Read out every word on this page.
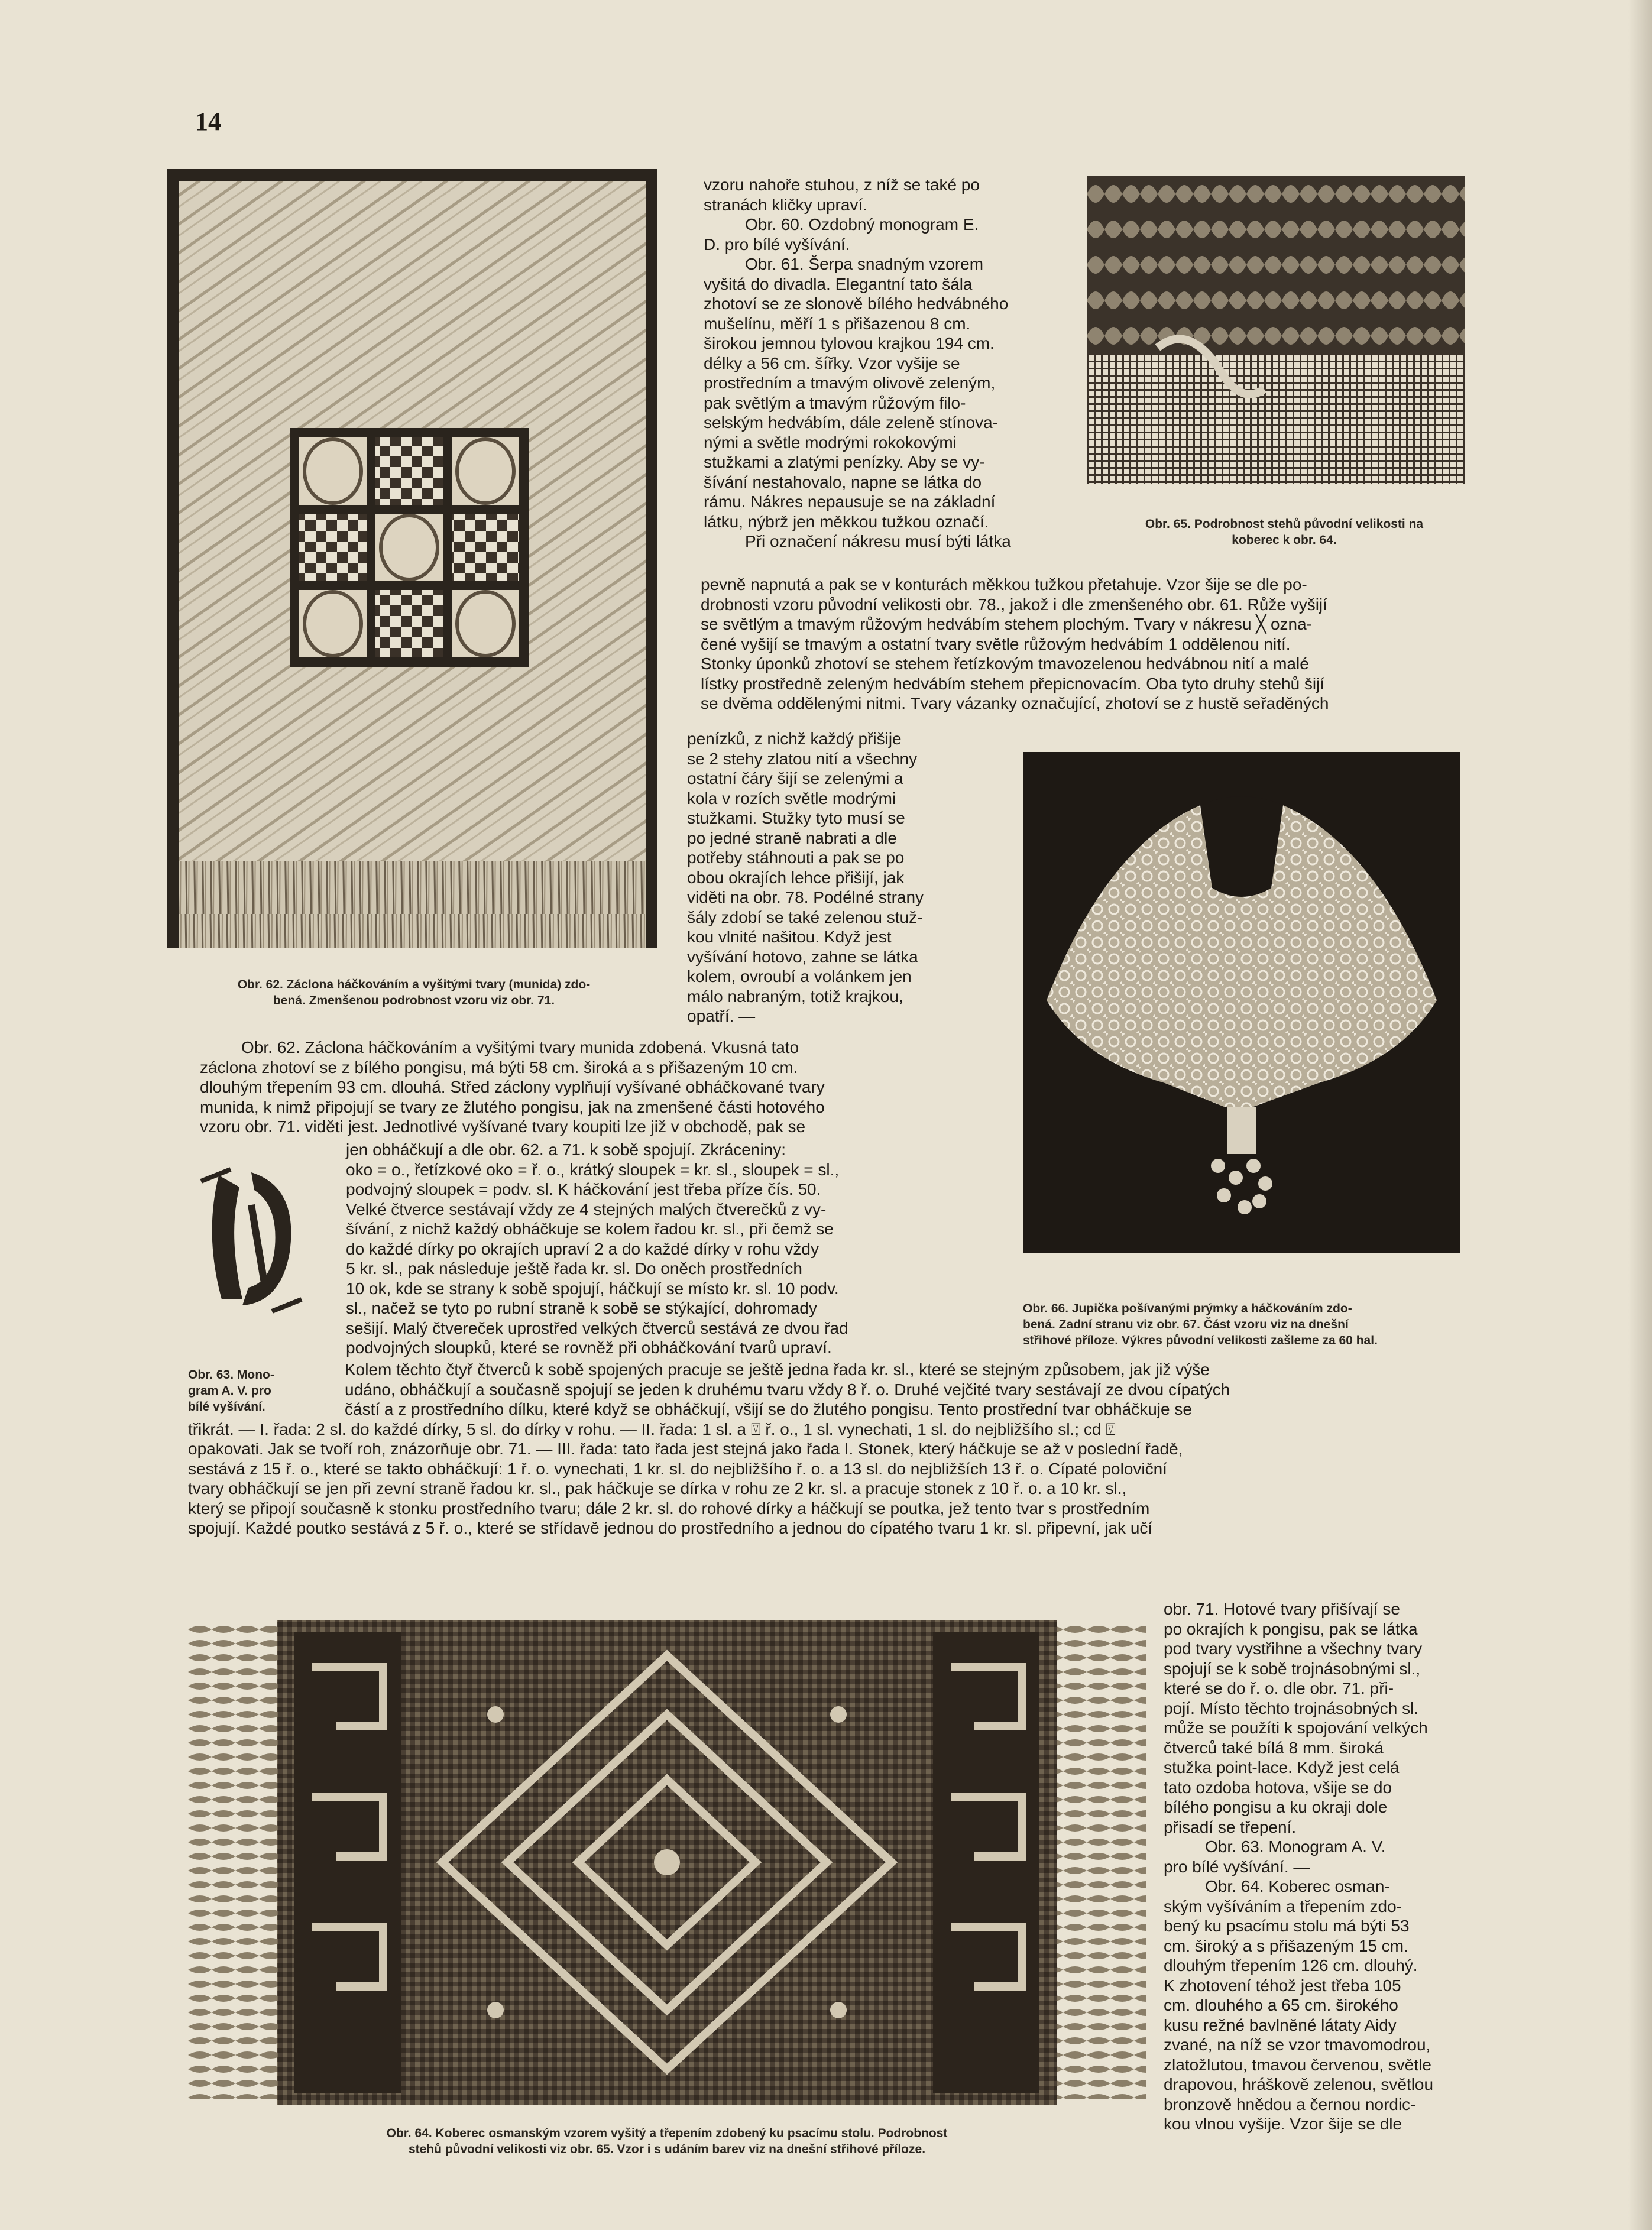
14
Obr. 62. Záclona háčkováním a vyšitými tvary (munida) zdo-
bená. Zmenšenou podrobnost vzoru viz obr. 71.
Obr. 65. Podrobnost stehů původní velikosti na
koberec k obr. 64.

vzoru nahoře stuhou, z níž se také po

stranách kličky upraví.

Obr. 60. Ozdobný monogram E.

D. pro bílé vyšívání.

Obr. 61. Šerpa snadným vzorem

vyšitá do divadla. Elegantní tato šála

zhotoví se ze slonově bílého hedvábného

mušelínu, měří 1 s přišazenou 8 cm.

širokou jemnou tylovou krajkou 194 cm.

délky a 56 cm. šířky. Vzor vyšije se

prostředním a tmavým olivově zeleným,

pak světlým a tmavým růžovým filo-

selským hedvábím, dále zeleně stínova-

nými a světle modrými rokokovými

stužkami a zlatými penízky. Aby se vy-

šívání nestahovalo, napne se látka do

rámu. Nákres nepausuje se na základní

látku, nýbrž jen měkkou tužkou označí.

Při označení nákresu musí býti látka

pevně napnutá a pak se v konturách měkkou tužkou přetahuje. Vzor šije se dle po-

drobnosti vzoru původní velikosti obr. 78., jakož i dle zmenšeného obr. 61. Růže vyšijí

se světlým a tmavým růžovým hedvábím stehem plochým. Tvary v nákresu ╳ ozna-

čené vyšijí se tmavým a ostatní tvary světle růžovým hedvábím 1 oddělenou nití.

Stonky úponků zhotoví se stehem řetízkovým tmavozelenou hedvábnou nití a malé

lístky prostředně zeleným hedvábím stehem přepicnovacím. Oba tyto druhy stehů šijí

se dvěma oddělenými nitmi. Tvary vázanky označující, zhotoví se z hustě seřaděných

penízků, z nichž každý přišije

se 2 stehy zlatou nití a všechny

ostatní čáry šijí se zelenými a

kola v rozích světle modrými

stužkami. Stužky tyto musí se

po jedné straně nabrati a dle

potřeby stáhnouti a pak se po

obou okrajích lehce přišijí, jak

viděti na obr. 78. Podélné strany

šály zdobí se také zelenou stuž-

kou vlnité našitou. Když jest

vyšívání hotovo, zahne se látka

kolem, ovroubí a volánkem jen

málo nabraným, totiž krajkou,

opatří. —

Obr. 66. Jupička pošívanými prýmky a háčkováním zdo-
bená. Zadní stranu viz obr. 67. Část vzoru viz na dnešní
střihové příloze. Výkres původní velikosti zašleme za 60 hal.

Obr. 62. Záclona háčkováním a vyšitými tvary munida zdobená. Vkusná tato

záclona zhotoví se z bílého pongisu, má býti 58 cm. široká a s přišazeným 10 cm.

dlouhým třepením 93 cm. dlouhá. Střed záclony vyplňují vyšívané obháčkované tvary

munida, k nimž připojují se tvary ze žlutého pongisu, jak na zmenšené části hotového

vzoru obr. 71. viděti jest. Jednotlivé vyšívané tvary koupiti lze již v obchodě, pak se

Obr. 63. Mono-
gram A. V. pro
bílé vyšívání.

jen obháčkují a dle obr. 62. a 71. k sobě spojují. Zkráceniny:

oko = o., řetízkové oko = ř. o., krátký sloupek = kr. sl., sloupek = sl.,

podvojný sloupek = podv. sl. K háčkování jest třeba příze čís. 50.

Velké čtverce sestávají vždy ze 4 stejných malých čtverečků z vy-

šívání, z nichž každý obháčkuje se kolem řadou kr. sl., při čemž se

do každé dírky po okrajích upraví 2 a do každé dírky v rohu vždy

5 kr. sl., pak následuje ještě řada kr. sl. Do oněch prostředních

10 ok, kde se strany k sobě spojují, háčkují se místo kr. sl. 10 podv.

sl., načež se tyto po rubní straně k sobě se stýkající, dohromady

sešijí. Malý čtvereček uprostřed velkých čtverců sestává ze dvou řad

podvojných sloupků, které se rovněž při obháčkování tvarů upraví.

Kolem těchto čtyř čtverců k sobě spojených pracuje se ještě jedna řada kr. sl., které se stejným způsobem, jak již výše

udáno, obháčkují a současně spojují se jeden k druhému tvaru vždy 8 ř. o. Druhé vejčité tvary sestávají ze dvou cípatých

částí a z prostředního dílku, které když se obháčkují, všijí se do žlutého pongisu. Tento prostřední tvar obháčkuje se

třikrát. — I. řada: 2 sl. do každé dírky, 5 sl. do dírky v rohu. — II. řada: 1 sl. a ⍔ ř. o., 1 sl. vynechati, 1 sl. do nejbližšího sl.; cd ⍔

opakovati. Jak se tvoří roh, znázorňuje obr. 71. — III. řada: tato řada jest stejná jako řada I. Stonek, který háčkuje se až v poslední řadě,

sestává z 15 ř. o., které se takto obháčkují: 1 ř. o. vynechati, 1 kr. sl. do nejbližšího ř. o. a 13 sl. do nejbližších 13 ř. o. Cípaté poloviční

tvary obháčkují se jen při zevní straně řadou kr. sl., pak háčkuje se dírka v rohu ze 2 kr. sl. a pracuje stonek z 10 ř. o. a 10 kr. sl.,

který se připojí současně k stonku prostředního tvaru; dále 2 kr. sl. do rohové dírky a háčkují se poutka, jež tento tvar s prostředním

spojují. Každé poutko sestává z 5 ř. o., které se střídavě jednou do prostředního a jednou do cípatého tvaru 1 kr. sl. připevní, jak učí

Obr. 64. Koberec osmanským vzorem vyšitý a třepením zdobený ku psacímu stolu. Podrobnost
stehů původní velikosti viz obr. 65. Vzor i s udáním barev viz na dnešní střihové příloze.

obr. 71. Hotové tvary přišívají se

po okrajích k pongisu, pak se látka

pod tvary vystřihne a všechny tvary

spojují se k sobě trojnásobnými sl.,

které se do ř. o. dle obr. 71. při-

pojí. Místo těchto trojnásobných sl.

může se použíti k spojování velkých

čtverců také bílá 8 mm. široká

stužka point-lace. Když jest celá

tato ozdoba hotova, všije se do

bílého pongisu a ku okraji dole

přisadí se třepení.

Obr. 63. Monogram A. V.

pro bílé vyšívání. —

Obr. 64. Koberec osman-

ským vyšíváním a třepením zdo-

bený ku psacímu stolu má býti 53

cm. široký a s přišazeným 15 cm.

dlouhým třepením 126 cm. dlouhý.

K zhotovení téhož jest třeba 105

cm. dlouhého a 65 cm. širokého

kusu režné bavlněné látaty Aidy

zvané, na níž se vzor tmavomodrou,

zlatožlutou, tmavou červenou, světle

drapovou, hráškově zelenou, světlou

bronzově hnědou a černou nordic-

kou vlnou vyšije. Vzor šije se dle
